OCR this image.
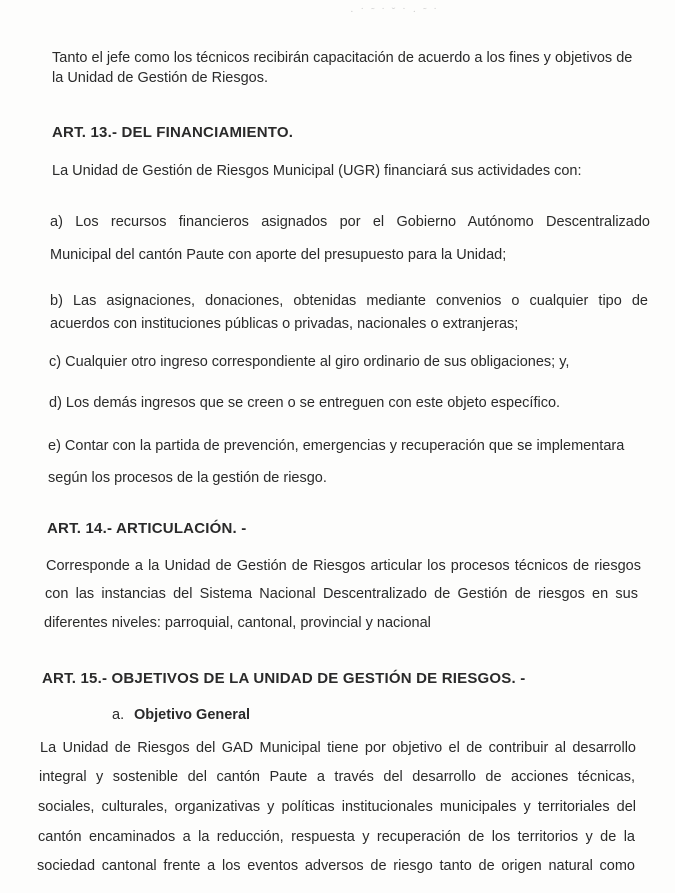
· ˙ ˜ ˙ ˇ ˙ · ˜ ˙
Tanto el jefe como los técnicos recibirán capacitación de acuerdo a los fines y objetivos de
la Unidad de Gestión de Riesgos.
ART. 13.- DEL FINANCIAMIENTO.
La Unidad de Gestión de Riesgos Municipal (UGR) financiará sus actividades con:
a) Los recursos financieros asignados por el Gobierno Autónomo Descentralizado
Municipal del cantón Paute con aporte del presupuesto para la Unidad;
b) Las asignaciones, donaciones, obtenidas mediante convenios o cualquier tipo de
acuerdos con instituciones públicas o privadas, nacionales o extranjeras;
c) Cualquier otro ingreso correspondiente al giro ordinario de sus obligaciones; y,
d) Los demás ingresos que se creen o se entreguen con este objeto específico.
e) Contar con la partida de prevención, emergencias y recuperación que se implementara
según los procesos de la gestión de riesgo.
ART. 14.- ARTICULACIÓN. -
Corresponde a la Unidad de Gestión de Riesgos articular los procesos técnicos de riesgos
con las instancias del Sistema Nacional Descentralizado de Gestión de riesgos en sus
diferentes niveles: parroquial, cantonal, provincial y nacional
ART. 15.- OBJETIVOS DE LA UNIDAD DE GESTIÓN DE RIESGOS. -
a. Objetivo General
La Unidad de Riesgos del GAD Municipal tiene por objetivo el de contribuir al desarrollo
integral y sostenible del cantón Paute a través del desarrollo de acciones técnicas,
sociales, culturales, organizativas y políticas institucionales municipales y territoriales del
cantón encaminados a la reducción, respuesta y recuperación de los territorios y de la
sociedad cantonal frente a los eventos adversos de riesgo tanto de origen natural como
